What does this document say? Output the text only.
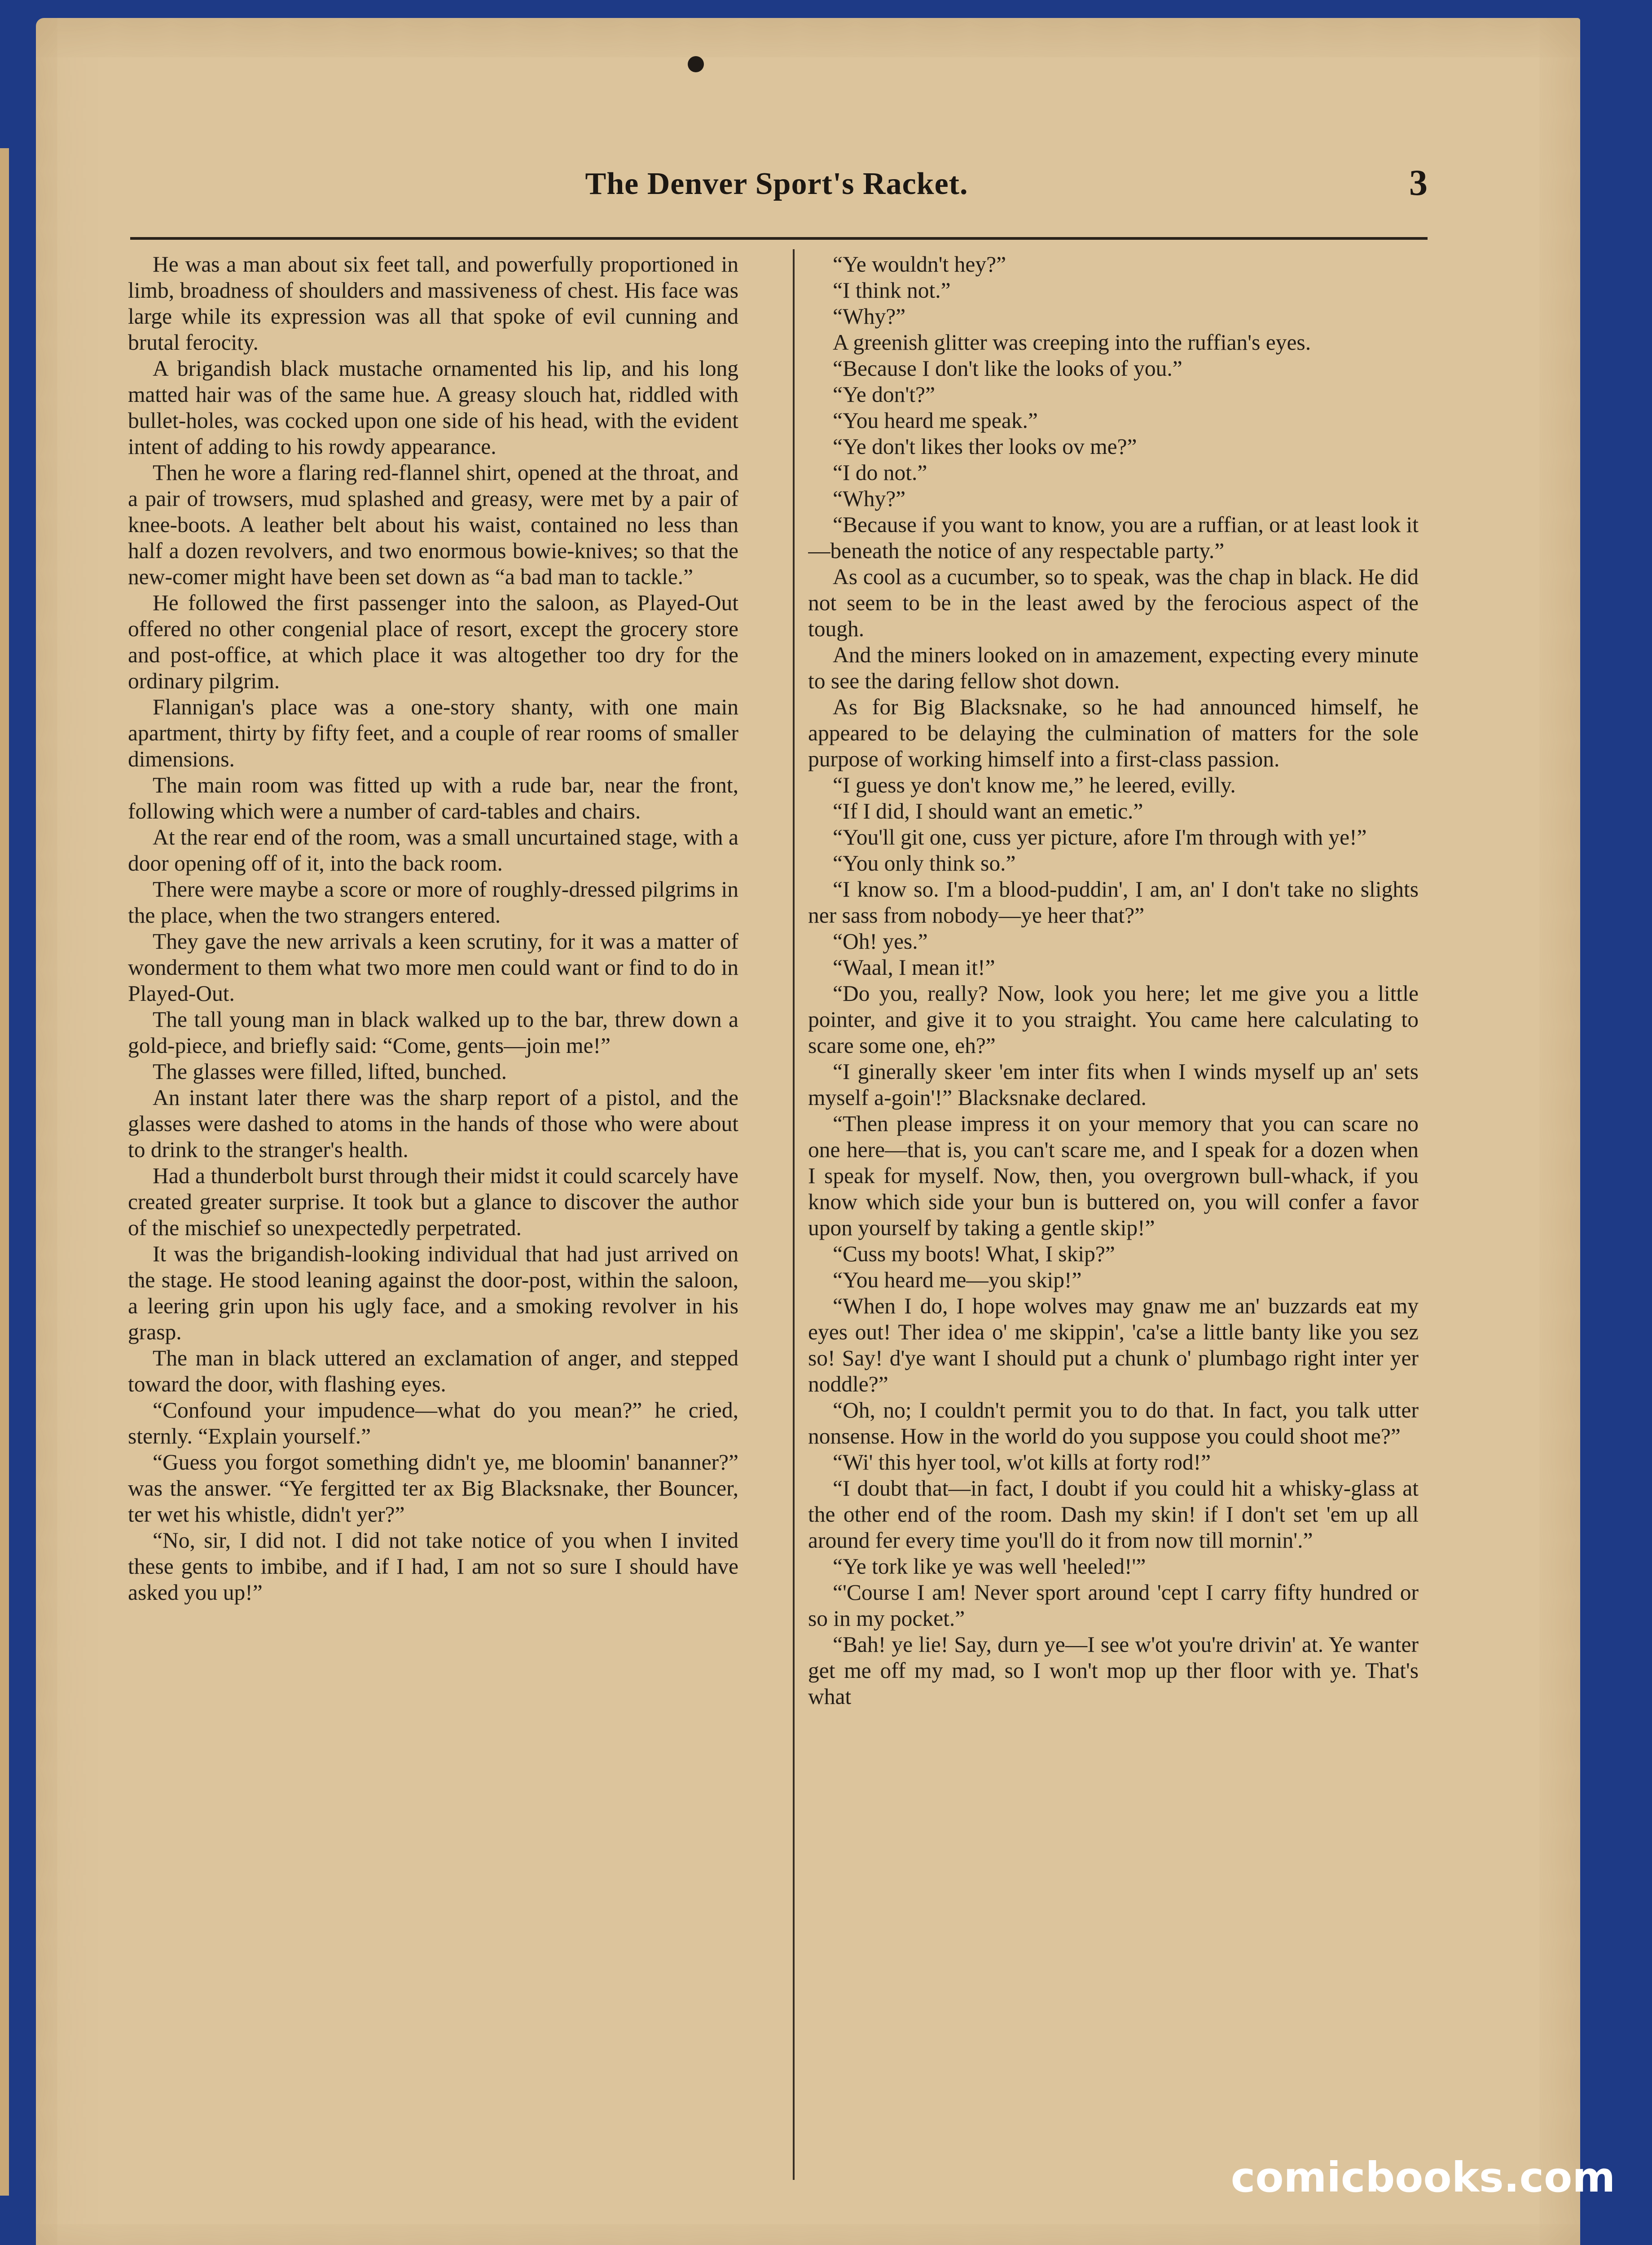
The Denver Sport's Racket.	3

He was a man about six feet tall, and powerfully proportioned in limb, broadness of shoulders and massiveness of chest. His face was large while its expression was all that spoke of evil cunning and brutal ferocity.

A brigandish black mustache ornamented his lip, and his long matted hair was of the same hue. A greasy slouch hat, riddled with bullet-holes, was cocked upon one side of his head, with the evident intent of adding to his rowdy appearance.

Then he wore a flaring red-flannel shirt, opened at the throat, and a pair of trowsers, mud splashed and greasy, were met by a pair of knee-boots. A leather belt about his waist, contained no less than half a dozen revolvers, and two enormous bowie-knives; so that the new-comer might have been set down as “a bad man to tackle.”

He followed the first passenger into the saloon, as Played-Out offered no other congenial place of resort, except the grocery store and post-office, at which place it was altogether too dry for the ordinary pilgrim.

Flannigan's place was a one-story shanty, with one main apartment, thirty by fifty feet, and a couple of rear rooms of smaller dimensions.

The main room was fitted up with a rude bar, near the front, following which were a number of card-tables and chairs.

At the rear end of the room, was a small uncurtained stage, with a door opening off of it, into the back room.

There were maybe a score or more of roughly-dressed pilgrims in the place, when the two strangers entered.

They gave the new arrivals a keen scrutiny, for it was a matter of wonderment to them what two more men could want or find to do in Played-Out.

The tall young man in black walked up to the bar, threw down a gold-piece, and briefly said: “Come, gents—join me!”

The glasses were filled, lifted, bunched.

An instant later there was the sharp report of a pistol, and the glasses were dashed to atoms in the hands of those who were about to drink to the stranger's health.

Had a thunderbolt burst through their midst it could scarcely have created greater surprise. It took but a glance to discover the author of the mischief so unexpectedly perpetrated.

It was the brigandish-looking individual that had just arrived on the stage. He stood leaning against the door-post, within the saloon, a leering grin upon his ugly face, and a smoking revolver in his grasp.

The man in black uttered an exclamation of anger, and stepped toward the door, with flashing eyes.

“Confound your impudence—what do you mean?” he cried, sternly. “Explain yourself.”

“Guess you forgot something didn't ye, me bloomin' bananner?” was the answer. “Ye fergitted ter ax Big Blacksnake, ther Bouncer, ter wet his whistle, didn't yer?”

“No, sir, I did not. I did not take notice of you when I invited these gents to imbibe, and if I had, I am not so sure I should have asked you up!”

“Ye wouldn't hey?”

“I think not.”

“Why?”

A greenish glitter was creeping into the ruffian's eyes.

“Because I don't like the looks of you.”

“Ye don't?”

“You heard me speak.”

“Ye don't likes ther looks ov me?”

“I do not.”

“Why?”

“Because if you want to know, you are a ruffian, or at least look it—beneath the notice of any respectable party.”

As cool as a cucumber, so to speak, was the chap in black. He did not seem to be in the least awed by the ferocious aspect of the tough.

And the miners looked on in amazement, expecting every minute to see the daring fellow shot down.

As for Big Blacksnake, so he had announced himself, he appeared to be delaying the culmination of matters for the sole purpose of working himself into a first-class passion.

“I guess ye don't know me,” he leered, evilly.

“If I did, I should want an emetic.”

“You'll git one, cuss yer picture, afore I'm through with ye!”

“You only think so.”

“I know so. I'm a blood-puddin', I am, an' I don't take no slights ner sass from nobody—ye heer that?”

“Oh! yes.”

“Waal, I mean it!”

“Do you, really? Now, look you here; let me give you a little pointer, and give it to you straight. You came here calculating to scare some one, eh?”

“I ginerally skeer 'em inter fits when I winds myself up an' sets myself a-goin'!” Blacksnake declared.

“Then please impress it on your memory that you can scare no one here—that is, you can't scare me, and I speak for a dozen when I speak for myself. Now, then, you overgrown bull-whack, if you know which side your bun is buttered on, you will confer a favor upon yourself by taking a gentle skip!”

“Cuss my boots! What, I skip?”

“You heard me—you skip!”

“When I do, I hope wolves may gnaw me an' buzzards eat my eyes out! Ther idea o' me skippin', 'ca'se a little banty like you sez so! Say! d'ye want I should put a chunk o' plumbago right inter yer noddle?”

“Oh, no; I couldn't permit you to do that. In fact, you talk utter nonsense. How in the world do you suppose you could shoot me?”

“Wi' this hyer tool, w'ot kills at forty rod!”

“I doubt that—in fact, I doubt if you could hit a whisky-glass at the other end of the room. Dash my skin! if I don't set 'em up all around fer every time you'll do it from now till mornin'.”

“Ye tork like ye was well 'heeled!'”

“'Course I am! Never sport around 'cept I carry fifty hundred or so in my pocket.”

“Bah! ye lie! Say, durn ye—I see w'ot you're drivin' at. Ye wanter get me off my mad, so I won't mop up ther floor with ye. That's what

comicbooks.com
